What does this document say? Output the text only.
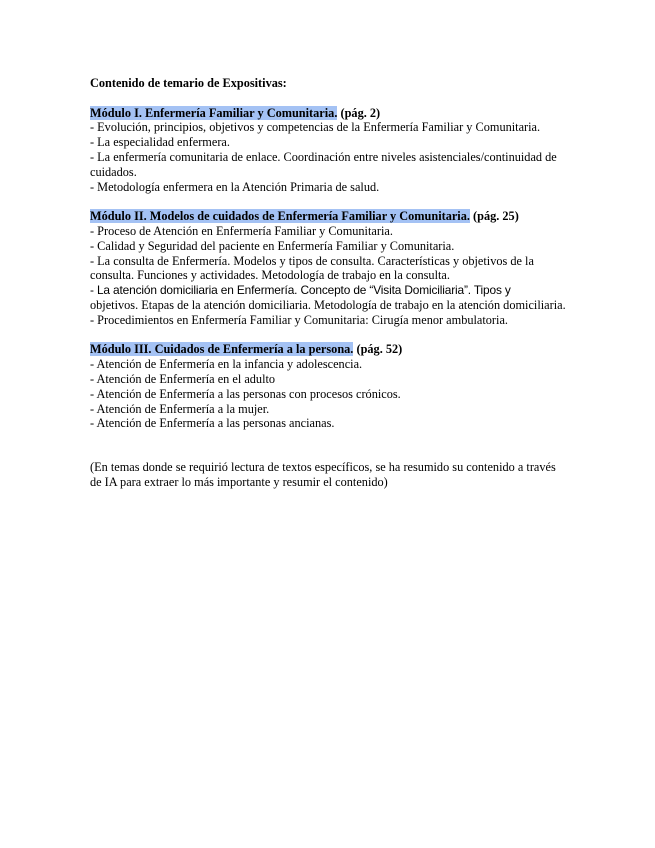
Contenido de temario de Expositivas:

Módulo I. Enfermería Familiar y Comunitaria. (pág. 2)
- Evolución, principios, objetivos y competencias de la Enfermería Familiar y Comunitaria.
- La especialidad enfermera.
- La enfermería comunitaria de enlace. Coordinación entre niveles asistenciales/continuidad de cuidados.
- Metodología enfermera en la Atención Primaria de salud.
Módulo II. Modelos de cuidados de Enfermería Familiar y Comunitaria. (pág. 25)
- Proceso de Atención en Enfermería Familiar y Comunitaria.
- Calidad y Seguridad del paciente en Enfermería Familiar y Comunitaria.
- La consulta de Enfermería. Modelos y tipos de consulta. Características y objetivos de la consulta. Funciones y actividades. Metodología de trabajo en la consulta.
- La atención domiciliaria en Enfermería. Concepto de “Visita Domiciliaria”. Tipos y
objetivos. Etapas de la atención domiciliaria. Metodología de trabajo en la atención domiciliaria.
- Procedimientos en Enfermería Familiar y Comunitaria: Cirugía menor ambulatoria.
Módulo III. Cuidados de Enfermería a la persona. (pág. 52)
- Atención de Enfermería en la infancia y adolescencia.
- Atención de Enfermería en el adulto
- Atención de Enfermería a las personas con procesos crónicos.
- Atención de Enfermería a la mujer.
- Atención de Enfermería a las personas ancianas.

(En temas donde se requirió lectura de textos específicos, se ha resumido su contenido a través de IA para extraer lo más importante y resumir el contenido)
